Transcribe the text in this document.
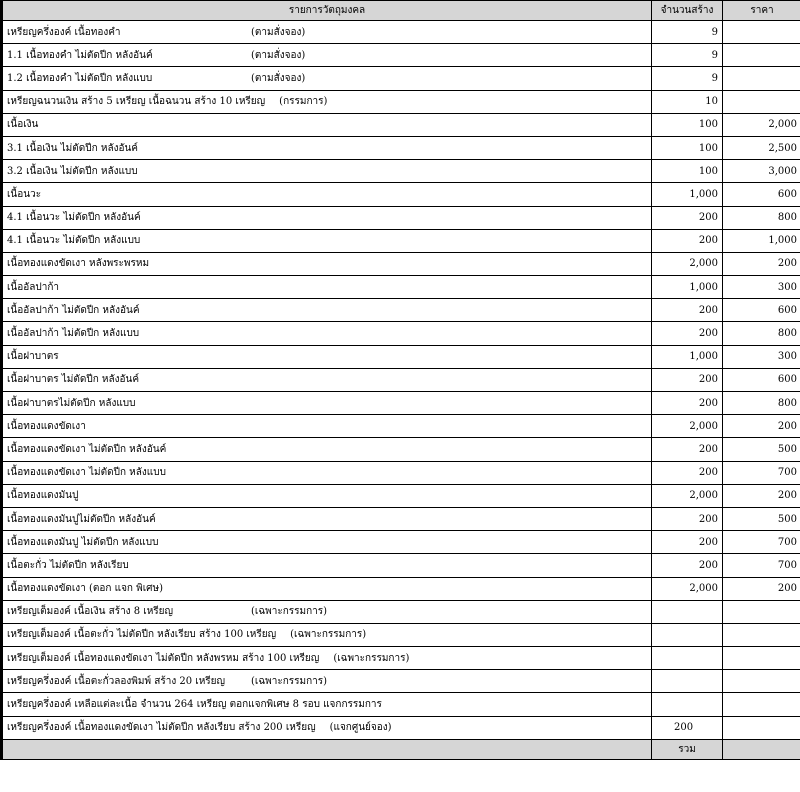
รายการวัตถุมงคล	จำนวนสร้าง	ราคา
เหรียญครึ่งองค์ เนื้อทองคำ (ตามสั่งจอง)	9	
1.1 เนื้อทองคำ ไม่ตัดปีก หลังอันค์ (ตามสั่งจอง)	9	
1.2 เนื้อทองคำ ไม่ตัดปีก หลังแบบ (ตามสั่งจอง)	9	
เหรียญฉนวนเงิน สร้าง 5 เหรียญ เนื้อฉนวน สร้าง 10 เหรียญ (กรรมการ)	10	
เนื้อเงิน	100	2,000
3.1 เนื้อเงิน ไม่ตัดปีก หลังอันค์	100	2,500
3.2 เนื้อเงิน ไม่ตัดปีก หลังแบบ	100	3,000
เนื้อนวะ	1,000	600
4.1 เนื้อนวะ ไม่ตัดปีก หลังอันค์	200	800
4.1 เนื้อนวะ ไม่ตัดปีก หลังแบบ	200	1,000
เนื้อทองแดงขัดเงา หลังพระพรหม	2,000	200
เนื้ออัลปาก้า	1,000	300
เนื้ออัลปาก้า ไม่ตัดปีก หลังอันค์	200	600
เนื้ออัลปาก้า ไม่ตัดปีก หลังแบบ	200	800
เนื้อฝาบาตร	1,000	300
เนื้อฝาบาตร ไม่ตัดปีก หลังอันค์	200	600
เนื้อฝาบาตรไม่ตัดปีก หลังแบบ	200	800
เนื้อทองแดงขัดเงา	2,000	200
เนื้อทองแดงขัดเงา ไม่ตัดปีก หลังอันค์	200	500
เนื้อทองแดงขัดเงา ไม่ตัดปีก หลังแบบ	200	700
เนื้อทองแดงมันปู	2,000	200
เนื้อทองแดงมันปูไม่ตัดปีก หลังอันค์	200	500
เนื้อทองแดงมันปู ไม่ตัดปีก หลังแบบ	200	700
เนื้อตะกั่ว ไม่ตัดปีก หลังเรียบ	200	700
เนื้อทองแดงขัดเงา (ตอก แจก พิเศษ)	2,000	200
เหรียญเต็มองค์ เนื้อเงิน สร้าง 8 เหรียญ (เฉพาะกรรมการ)		
เหรียญเต็มองค์ เนื้อตะกั่ว ไม่ตัดปีก หลังเรียบ สร้าง 100 เหรียญ (เฉพาะกรรมการ)		
เหรียญเต็มองค์ เนื้อทองแดงขัดเงา ไม่ตัดปีก หลังพรหม สร้าง 100 เหรียญ (เฉพาะกรรมการ)		
เหรียญครึ่งองค์ เนื้อตะกั่วลองพิมพ์ สร้าง 20 เหรียญ (เฉพาะกรรมการ)		
เหรียญครึ่งองค์ เหลือแต่ละเนื้อ จำนวน 264 เหรียญ ตอกแจกพิเศษ 8 รอบ แจกกรรมการ		
เหรียญครึ่งองค์ เนื้อทองแดงขัดเงา ไม่ตัดปีก หลังเรียบ สร้าง 200 เหรียญ (แจกศูนย์จอง)	200	
	รวม	
